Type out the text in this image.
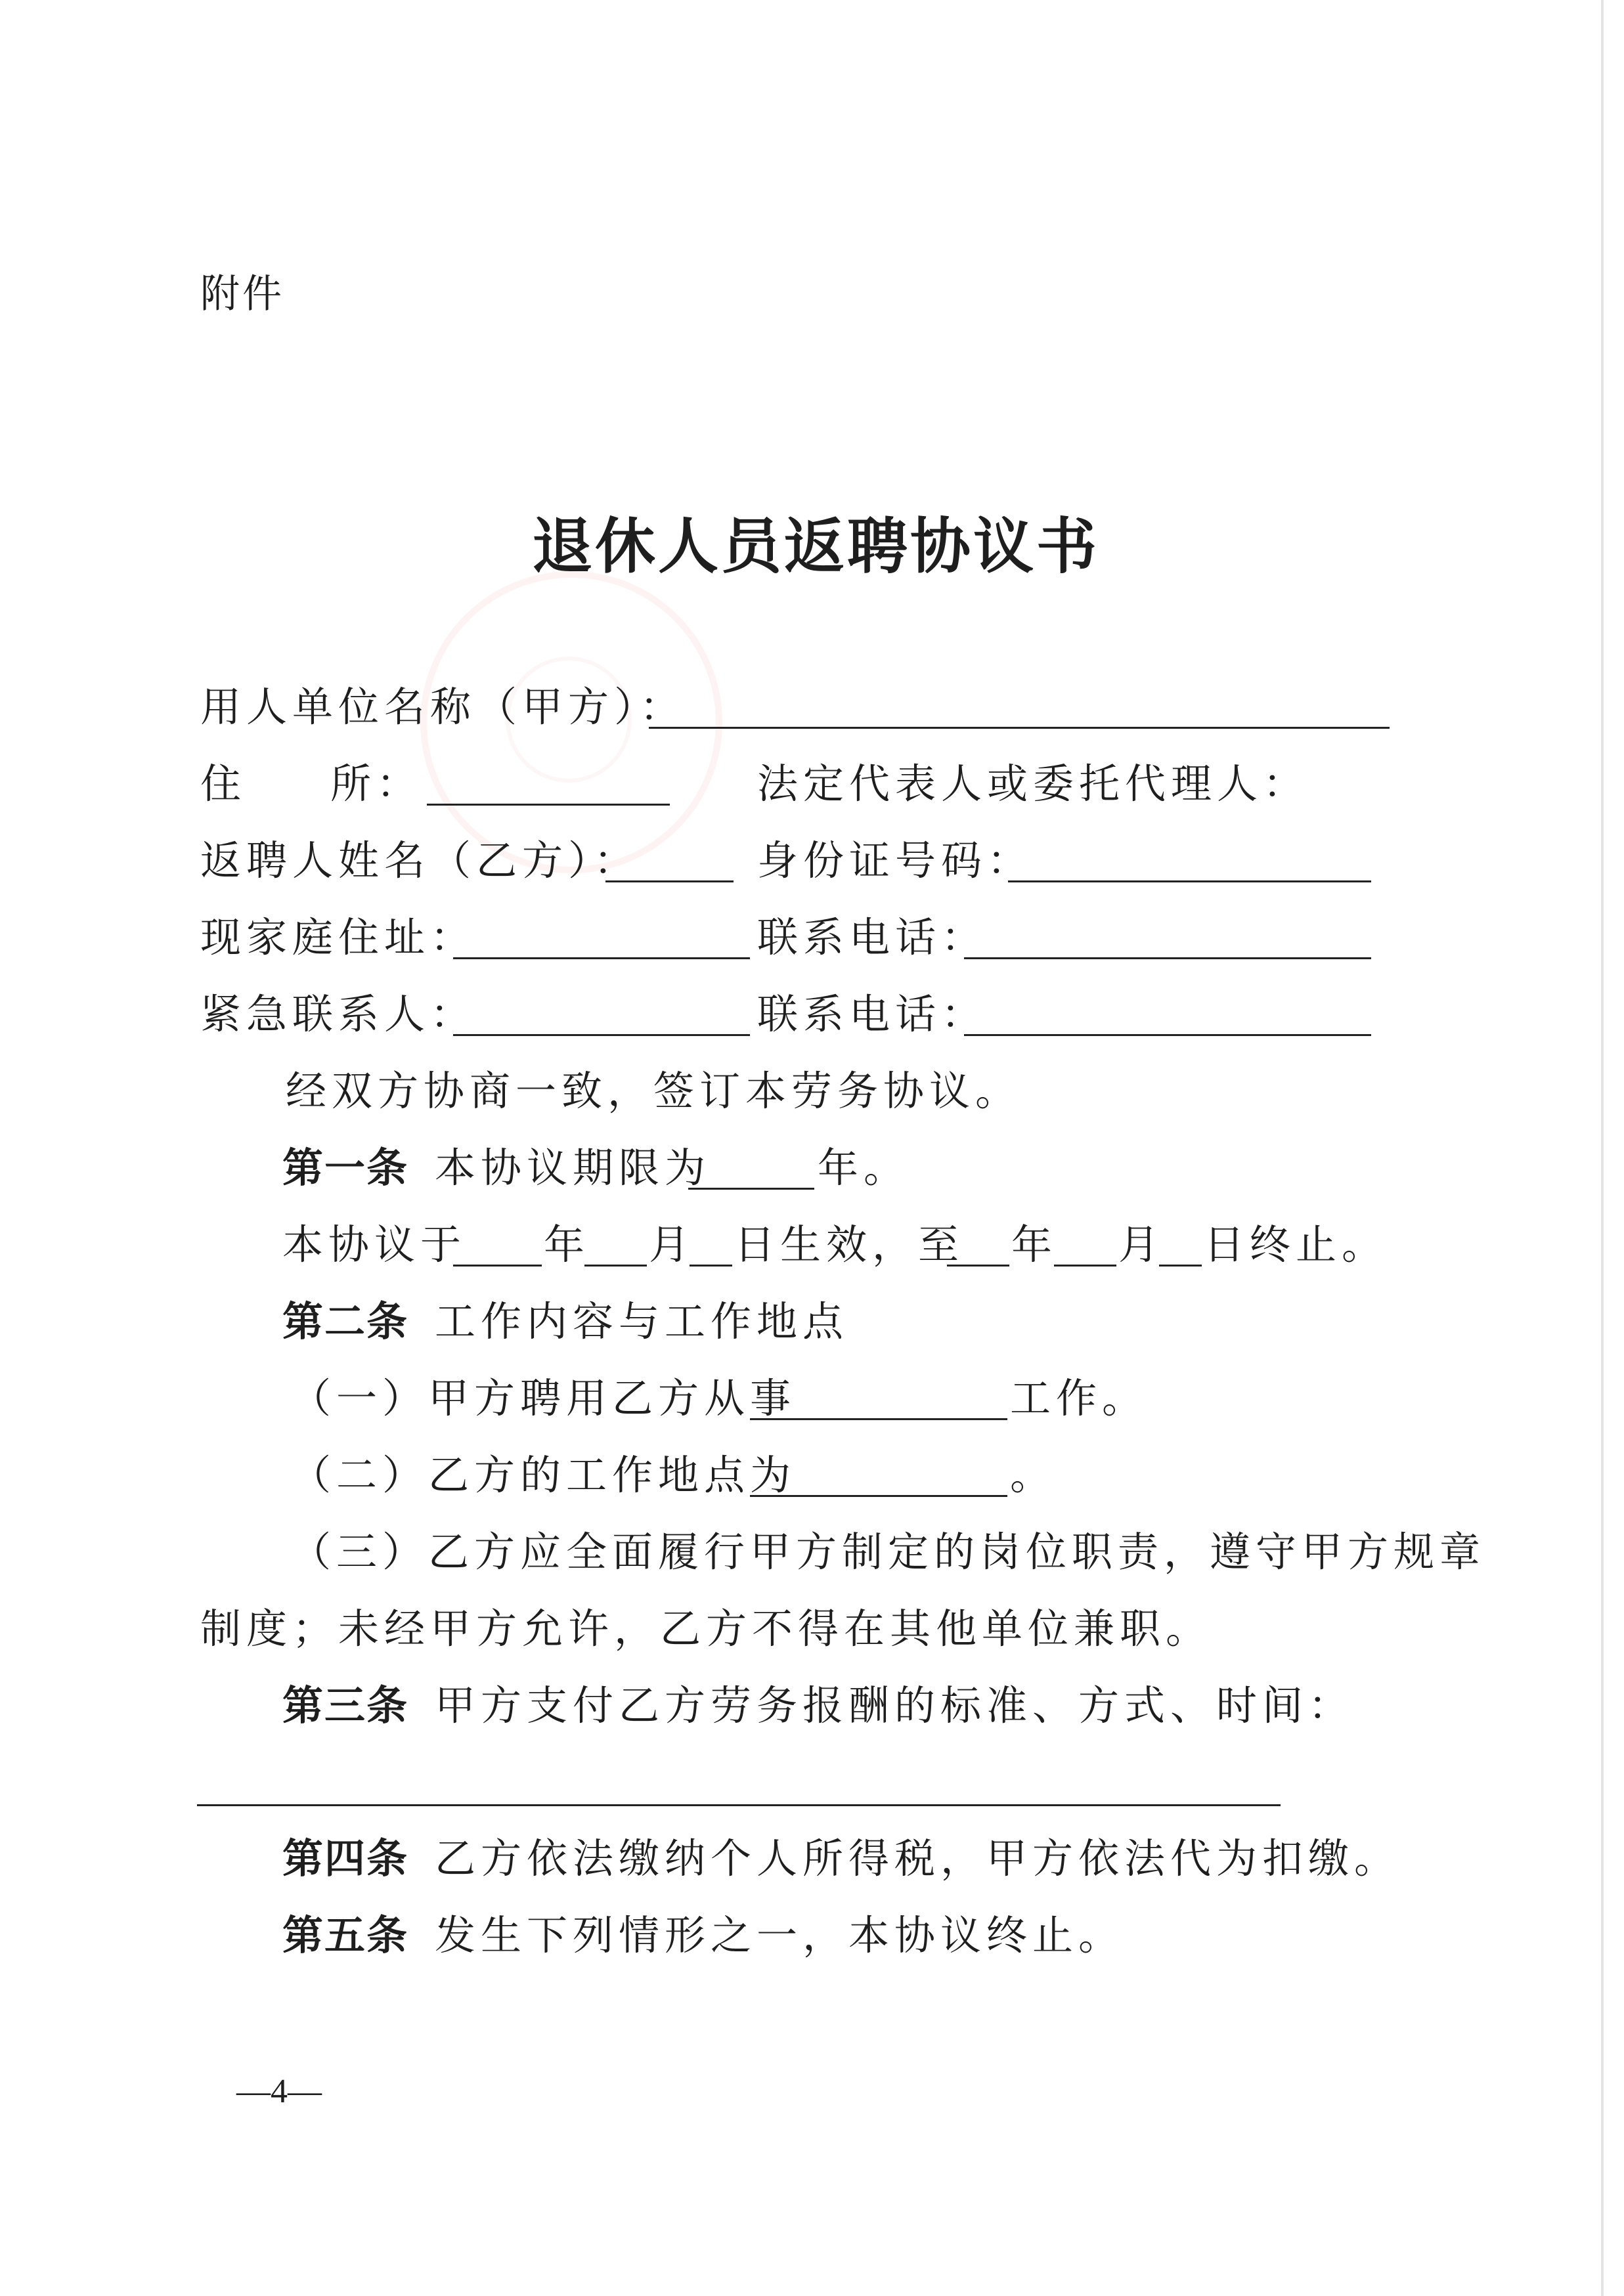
附件
退休人员返聘协议书
用人单位名称（甲方）：
住 所：	法定代表人或委托代理人：
返聘人姓名（乙方）：	身份证号码：
现家庭住址：	联系电话：
紧急联系人：	联系电话：
经双方协商一致，签订本劳务协议。
第一条 本协议期限为	年。
本协议于 年 月 日生效，至 年 月 日终止。
第二条 工作内容与工作地点
（一）甲方聘用乙方从事	工作。
（二）乙方的工作地点为	。
（三）乙方应全面履行甲方制定的岗位职责，遵守甲方规章
制度；未经甲方允许，乙方不得在其他单位兼职。
第三条 甲方支付乙方劳务报酬的标准、方式、时间：
第四条 乙方依法缴纳个人所得税，甲方依法代为扣缴。
第五条 发生下列情形之一，本协议终止。
—4—
